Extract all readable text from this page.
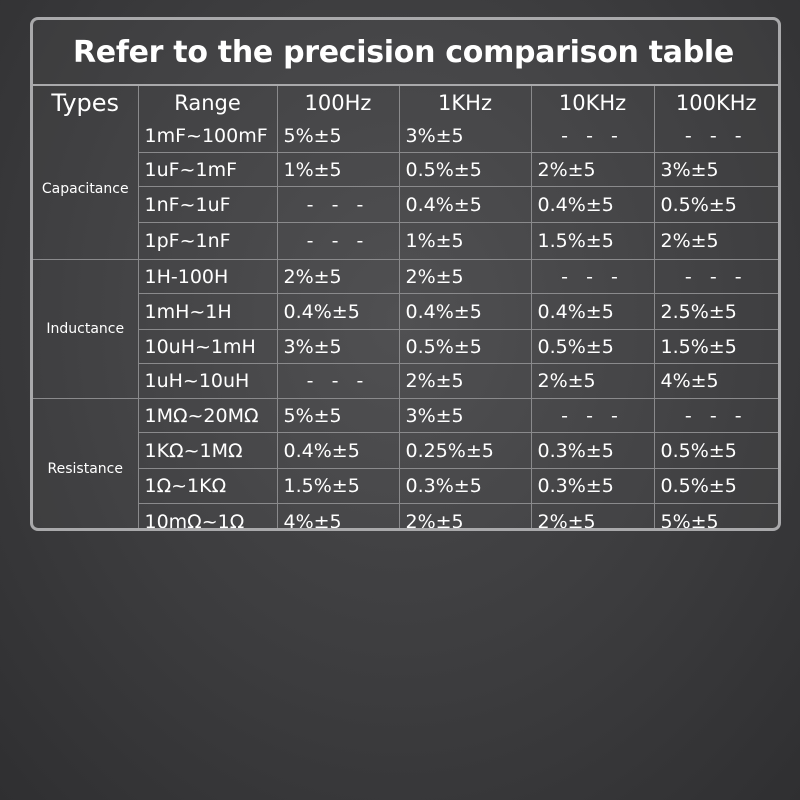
Refer to the precision comparison table
Types	Range	100Hz	1KHz	10KHz	100KHz
Capacitance	1mF~100mF	5%±5	3%±5	- - -	- - -
	1uF~1mF	1%±5	0.5%±5	2%±5	3%±5
	1nF~1uF	- - -	0.4%±5	0.4%±5	0.5%±5
	1pF~1nF	- - -	1%±5	1.5%±5	2%±5
Inductance	1H-100H	2%±5	2%±5	- - -	- - -
	1mH~1H	0.4%±5	0.4%±5	0.4%±5	2.5%±5
	10uH~1mH	3%±5	0.5%±5	0.5%±5	1.5%±5
	1uH~10uH	- - -	2%±5	2%±5	4%±5
Resistance	1MΩ~20MΩ	5%±5	3%±5	- - -	- - -
	1KΩ~1MΩ	0.4%±5	0.25%±5	0.3%±5	0.5%±5
	1Ω~1KΩ	1.5%±5	0.3%±5	0.3%±5	0.5%±5
	10mΩ~1Ω	4%±5	2%±5	2%±5	5%±5
